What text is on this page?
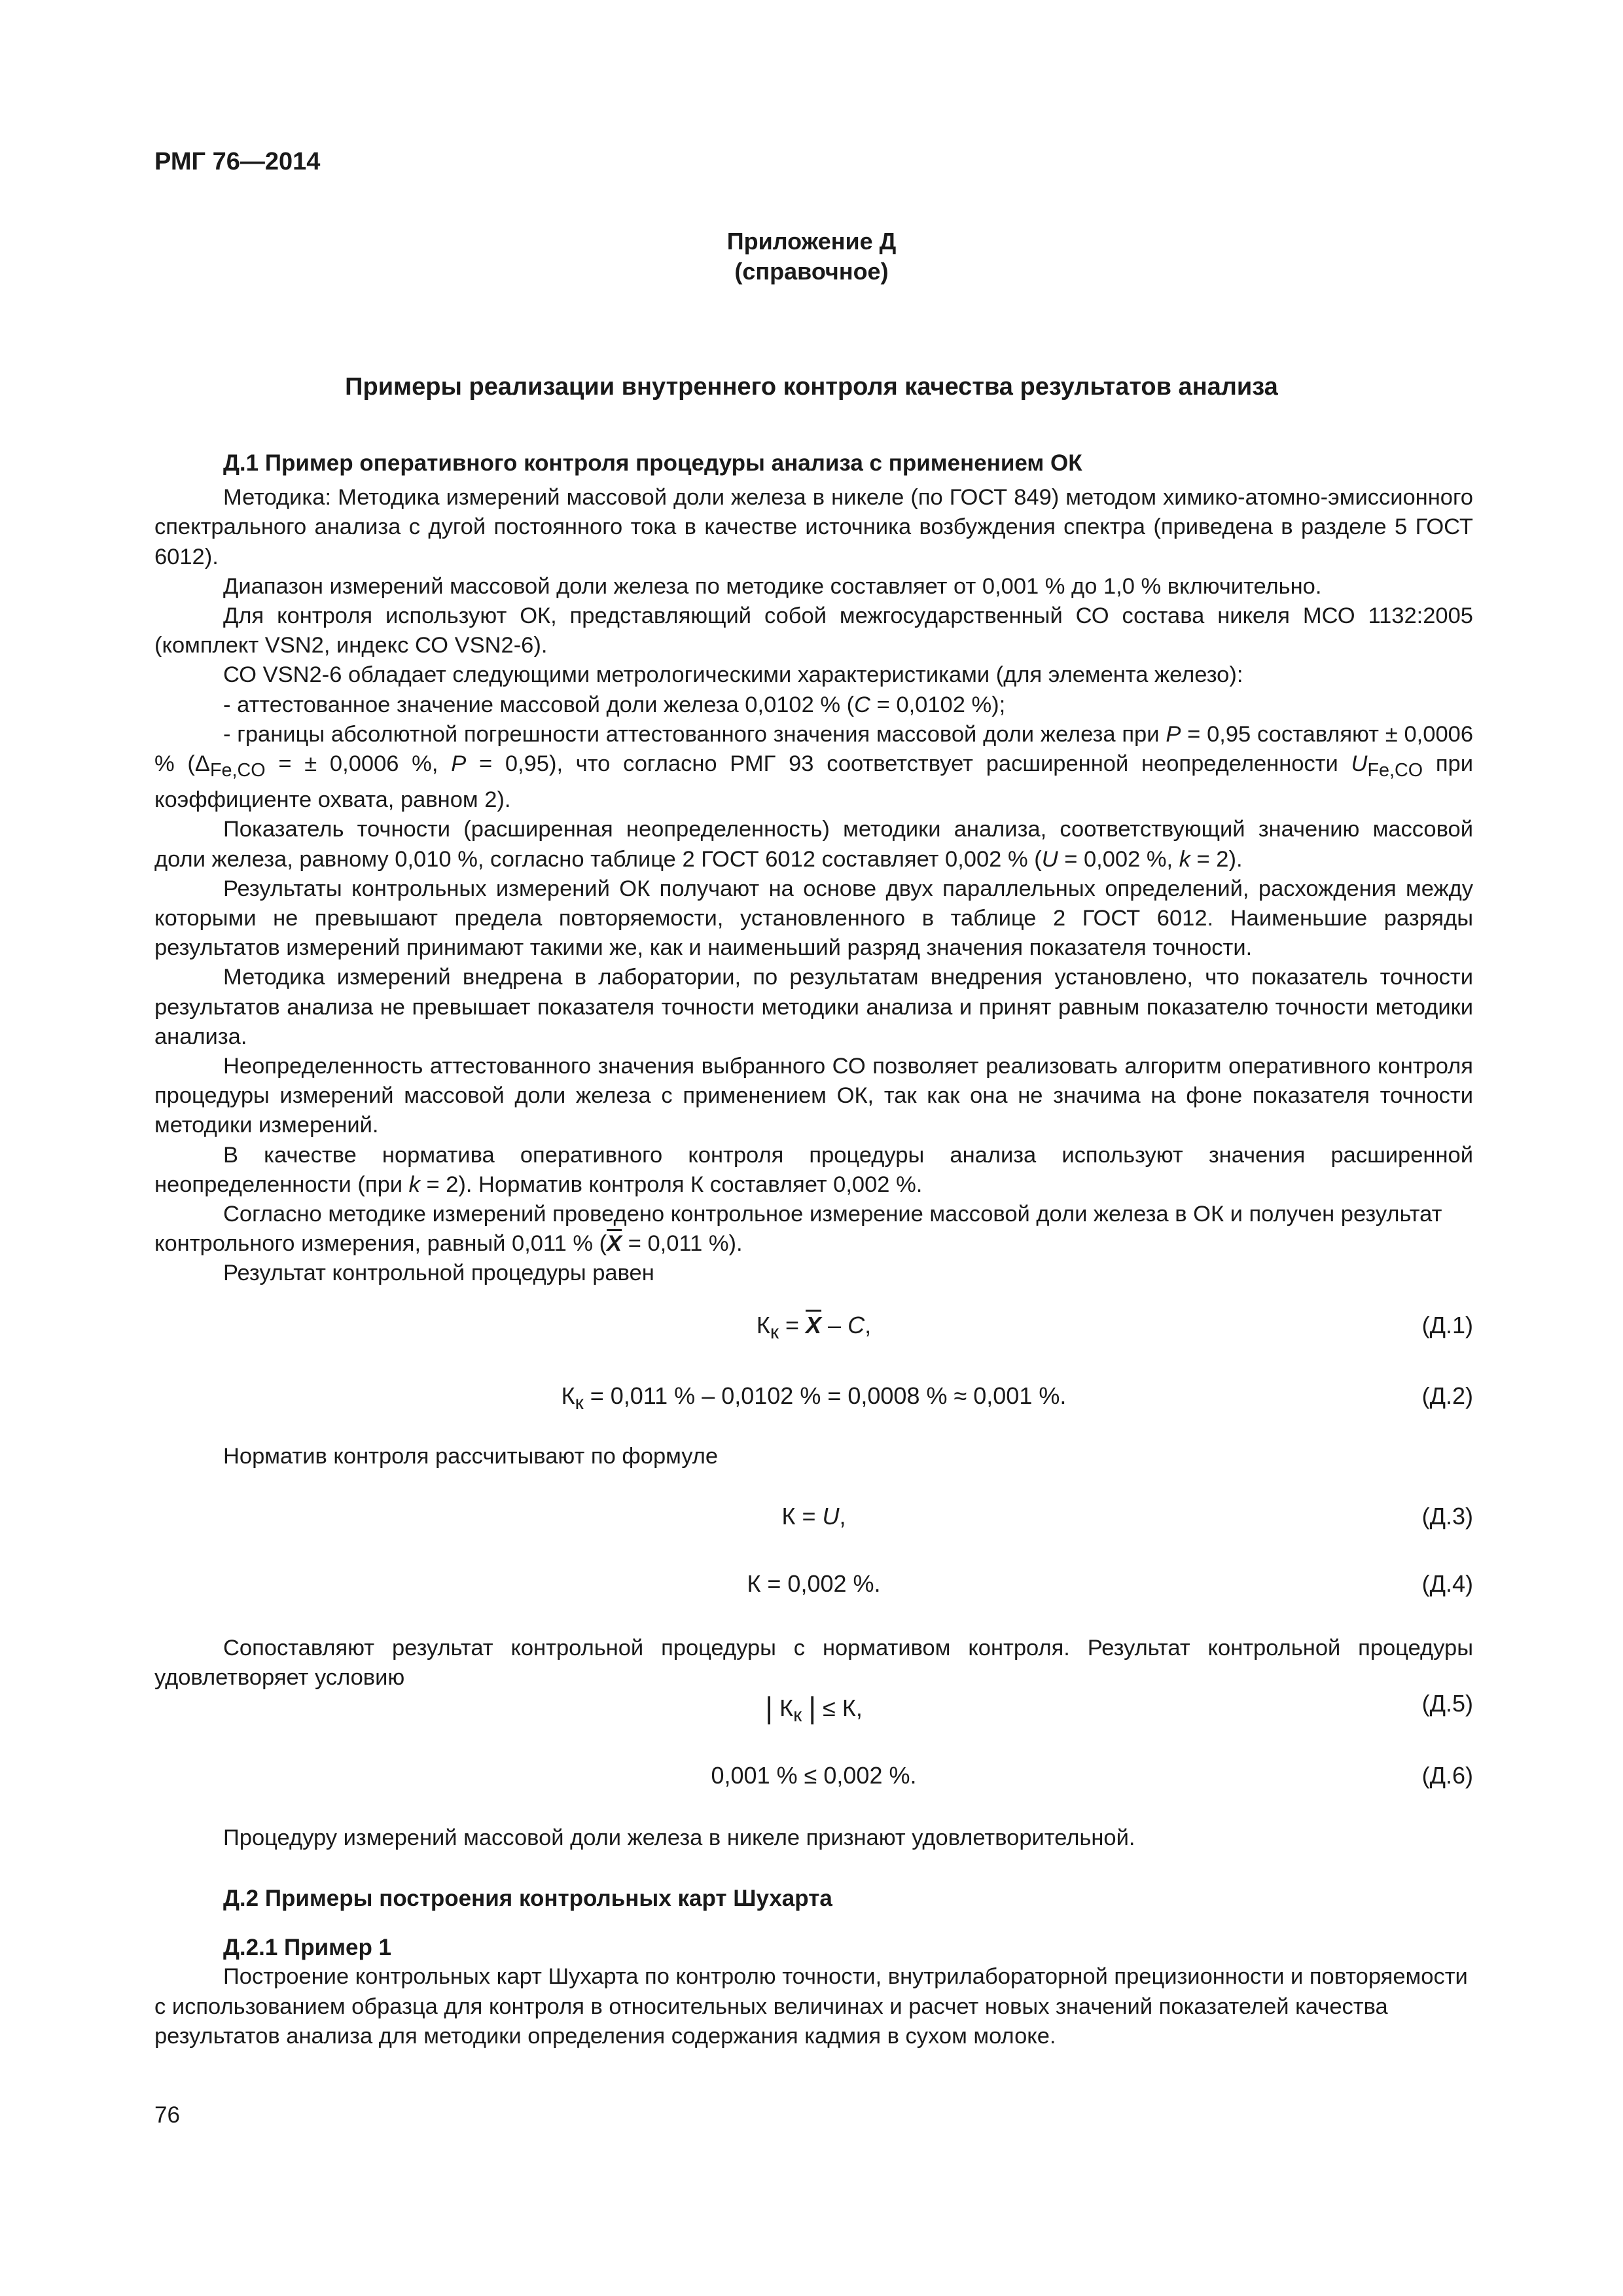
РМГ 76—2014
Приложение Д
(справочное)
Примеры реализации внутреннего контроля качества результатов анализа

Д.1 Пример оперативного контроля процедуры анализа с применением ОК

Методика: Методика измерений массовой доли железа в никеле (по ГОСТ 849) методом химико-атомно-эмиссионного спектрального анализа с дугой постоянного тока в качестве источника возбуждения спектра (приведена в разделе 5 ГОСТ 6012).

Диапазон измерений массовой доли железа по методике составляет от 0,001 % до 1,0 % включительно.

Для контроля используют ОК, представляющий собой межгосударственный СО состава никеля МСО 1132:2005 (комплект VSN2, индекс СО VSN2-6).

СО VSN2-6 обладает следующими метрологическими характеристиками (для элемента железо):

- аттестованное значение массовой доли железа 0,0102 % (C = 0,0102 %);

- границы абсолютной погрешности аттестованного значения массовой доли железа при P = 0,95 составляют ± 0,0006 % ($\Delta_{Fe,CO}$ = ± 0,0006 %, P = 0,95), что согласно РМГ 93 соответствует расширенной неопределенности $U_{Fe,CO}$ при коэффициенте охвата, равном 2).

Показатель точности (расширенная неопределенность) методики анализа, соответствующий значению массовой доли железа, равному 0,010 %, согласно таблице 2 ГОСТ 6012 составляет 0,002 % (U = 0,002 %, k = 2).

Результаты контрольных измерений ОК получают на основе двух параллельных определений, расхождения между которыми не превышают предела повторяемости, установленного в таблице 2 ГОСТ 6012. Наименьшие разряды результатов измерений принимают такими же, как и наименьший разряд значения показателя точности.

Методика измерений внедрена в лаборатории, по результатам внедрения установлено, что показатель точности результатов анализа не превышает показателя точности методики анализа и принят равным показателю точности методики анализа.

Неопределенность аттестованного значения выбранного СО позволяет реализовать алгоритм оперативного контроля процедуры измерений массовой доли железа с применением ОК, так как она не значима на фоне показателя точности методики измерений.

В качестве норматива оперативного контроля процедуры анализа используют значения расширенной неопределенности (при k = 2). Норматив контроля К составляет 0,002 %.

Согласно методике измерений проведено контрольное измерение массовой доли железа в ОК и получен результат контрольного измерения, равный 0,011 % ($\overline{X} = 0,011$ %).

Результат контрольной процедуры равен

$К_к = \overline{X} - C$,	(Д.1)
$К_к = 0,011$ % – 0,0102 % = 0,0008 % ≈ 0,001 %.	(Д.2)

Норматив контроля рассчитывают по формуле

К = U,	(Д.3)
К = 0,002 %.	(Д.4)

Сопоставляют результат контрольной процедуры с нормативом контроля. Результат контрольной процедуры удовлетворяет условию

| $К_к$ | ≤ К,	(Д.5)
0,001 % ≤ 0,002 %.	(Д.6)

Процедуру измерений массовой доли железа в никеле признают удовлетворительной.

Д.2 Примеры построения контрольных карт Шухарта

Д.2.1 Пример 1

Построение контрольных карт Шухарта по контролю точности, внутрилабораторной прецизионности и повторяемости с использованием образца для контроля в относительных величинах и расчет новых значений показателей качества результатов анализа для методики определения содержания кадмия в сухом молоке.

76
